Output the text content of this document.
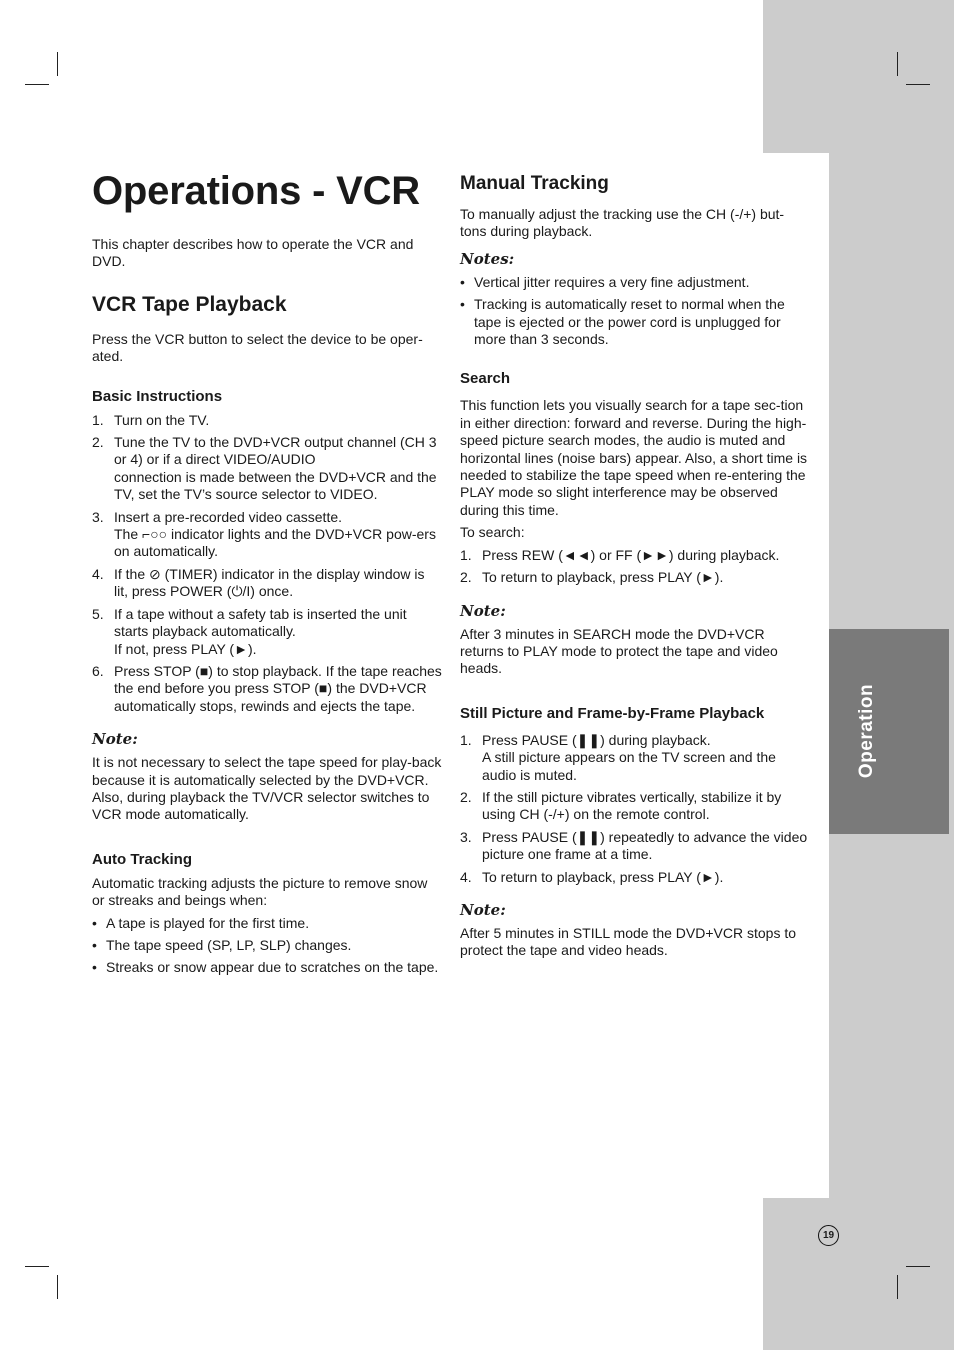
Operation
19
Operations - VCR

This chapter describes how to operate the VCR and DVD.

VCR Tape Playback

Press the VCR button to select the device to be oper-ated.

Basic Instructions
1. Turn on the TV.
2. Tune the TV to the DVD+VCR output channel (CH 3 or 4) or if a direct VIDEO/AUDIO
connection is made between the DVD+VCR and the TV, set the TV’s source selector to VIDEO.
3. Insert a pre-recorded video cassette.
The ⌐○○ indicator lights and the DVD+VCR pow-ers on automatically.
4. If the ⊘ (TIMER) indicator in the display window is lit, press POWER (⏻/I) once.
5. If a tape without a safety tab is inserted the unit starts playback automatically.
If not, press PLAY (►).
6. Press STOP (■) to stop playback. If the tape reaches the end before you press STOP (■) the DVD+VCR automatically stops, rewinds and ejects the tape.
Note:

It is not necessary to select the tape speed for play-back because it is automatically selected by the DVD+VCR. Also, during playback the TV/VCR selector switches to VCR mode automatically.

Auto Tracking

Automatic tracking adjusts the picture to remove snow or streaks and beings when:

• A tape is played for the first time.
• The tape speed (SP, LP, SLP) changes.
• Streaks or snow appear due to scratches on the tape.
Manual Tracking

To manually adjust the tracking use the CH (-/+) but-tons during playback.

Notes:
• Vertical jitter requires a very fine adjustment.
• Tracking is automatically reset to normal when the tape is ejected or the power cord is unplugged for more than 3 seconds.
Search

This function lets you visually search for a tape sec-tion in either direction: forward and reverse. During the high-speed picture search modes, the audio is muted and horizontal lines (noise bars) appear. Also, a short time is needed to stabilize the tape speed when re-entering the PLAY mode so slight interference may be observed during this time.

To search:

1. Press REW (◄◄) or FF (►►) during playback.
2. To return to playback, press PLAY (►).
Note:

After 3 minutes in SEARCH mode the DVD+VCR returns to PLAY mode to protect the tape and video heads.

Still Picture and Frame-by-Frame Playback
1. Press PAUSE (❚❚) during playback.
A still picture appears on the TV screen and the audio is muted.
2. If the still picture vibrates vertically, stabilize it by using CH (-/+) on the remote control.
3. Press PAUSE (❚❚) repeatedly to advance the video picture one frame at a time.
4. To return to playback, press PLAY (►).
Note:

After 5 minutes in STILL mode the DVD+VCR stops to protect the tape and video heads.
